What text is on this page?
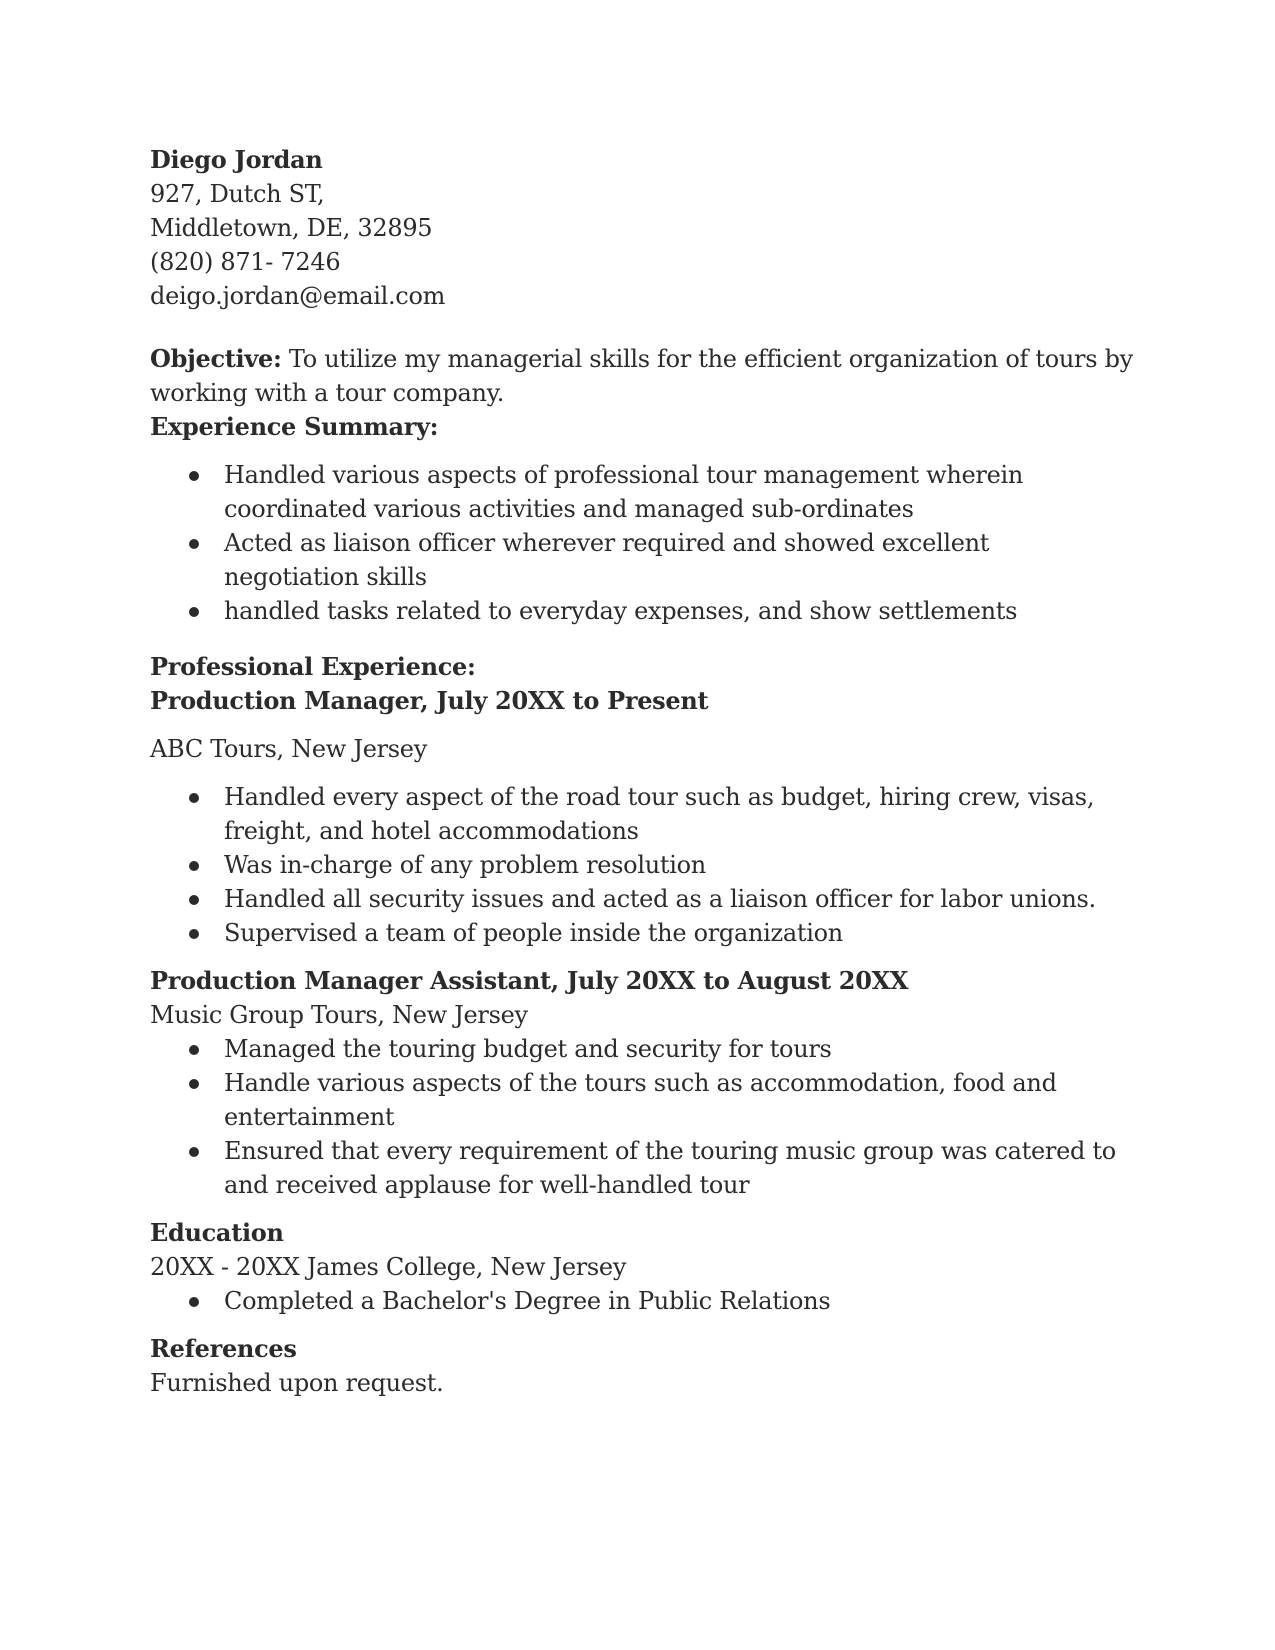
Diego Jordan
927, Dutch ST,
Middletown, DE, 32895
(820) 871- 7246
deigo.jordan@email.com
Objective: To utilize my managerial skills for the efficient organization of tours by
working with a tour company.
Experience Summary:
Handled various aspects of professional tour management wherein coordinated various activities and managed sub-ordinates
Acted as liaison officer wherever required and showed excellent negotiation skills
handled tasks related to everyday expenses, and show settlements
Professional Experience:
Production Manager, July 20XX to Present
ABC Tours, New Jersey
Handled every aspect of the road tour such as budget, hiring crew, visas, freight, and hotel accommodations
Was in-charge of any problem resolution
Handled all security issues and acted as a liaison officer for labor unions.
Supervised a team of people inside the organization
Production Manager Assistant, July 20XX to August 20XX
Music Group Tours, New Jersey
Managed the touring budget and security for tours
Handle various aspects of the tours such as accommodation, food and entertainment
Ensured that every requirement of the touring music group was catered to and received applause for well-handled tour
Education
20XX - 20XX James College, New Jersey
Completed a Bachelor's Degree in Public Relations
References
Furnished upon request.
